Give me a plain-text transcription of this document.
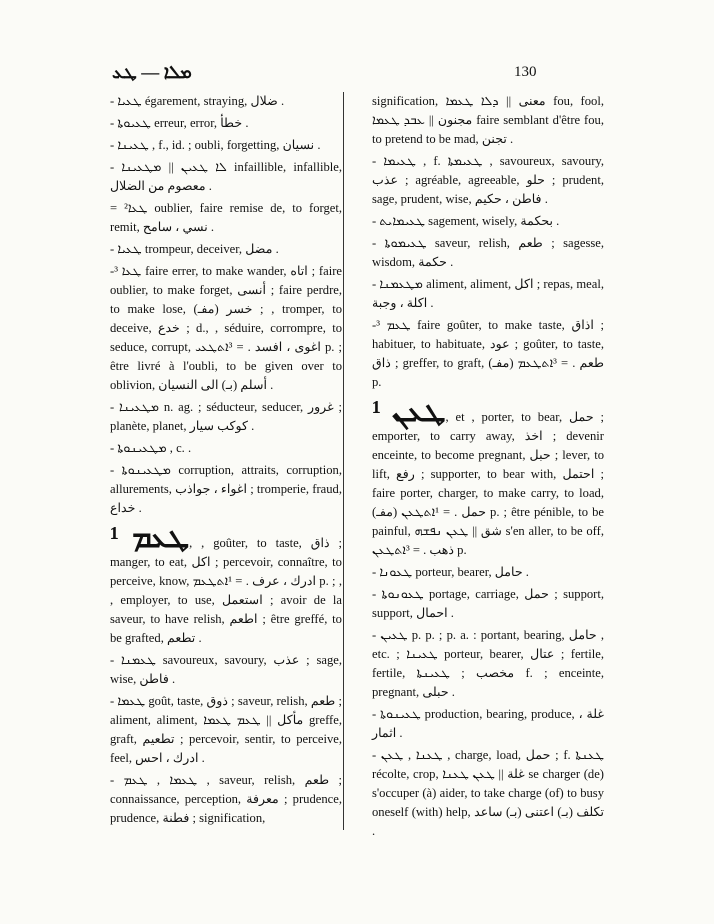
ܡܠܐ — ܛܥ	130
- ܛܥܝܐ‍ égarement, straying, ضلال .
- ܛܥܝܘܬܐ erreur, error, خطأ .
- ܛܥܝܢܐ , f., id. ; oubli, forgetting, نسيان .
- ܠܐ ܛܥܝܢ || ܡܛܥܝܢܐ infaillible, infallible, معصوم من الضلال .
= ²ܛܥܐ oublier, faire remise de, to forget, remit, نسي ، سامح .
- ܛܥܝܐ trompeur, deceiver, مضل .
-³ ܛܥܐ faire errer, to make wander, اتاه ; faire oublier, to make forget, أنسى ; faire perdre, to make lose, (مفـ) خسر ; , tromper, to deceive, خدع ; d., , séduire, corrompre, to seduce, corrupt, اغوى ، افسد . = ³ܐܬܛܥܝ p. ; être livré à l'oubli, to be given over to oblivion, أسلم (بـ) الى النسيان .
- ܡܛܥܝܢܐ n. ag. ; séducteur, seducer, غرور ; planète, planet, كوكب سيار .
- ܡܛܥܝܢܘܬܐ , c. .
- ܡܛܥܝܢܘܬܐ corruption, attraits, corruption, allurements, اغواء ، جواذب ; tromperie, fraud, خداع .
¹ ܛܥܡ, , goûter, to taste, ذاق ; manger, to eat, اكل ; percevoir, connaître, to perceive, know, ادرك ، عرف . = ¹ܐܬܛܥܡ p. ; , , employer, to use, استعمل ; avoir de la saveur, to have relish, اطعم ; être greffé, to be grafted, تطعم .
- ܛܥܡܢܐ savoureux, savoury, عذب ; sage, wise, فاطن .
- ܛܥܡܐ goût, taste, ذوق ; saveur, relish, طعم ; aliment, aliment, مأكل || ܛܥܡ ܛܥܡܐ greffe, graft, تطعيم ; percevoir, sentir, to perceive, feel, ادرك ، احس .
- ܛܥܡܐ , ܛܥܡ , saveur, relish, طعم ; connaissance, perception, معرفة ; prudence, prudence, فطنة ; signification,
signification, معنى || ܕܠܐ ܛܥܡܐ fou, fool, مجنون || ܥܒܕ ܛܥܡܐ faire semblant d'être fou, to pretend to be mad, تجنن .
- ܛܥܝܡܐ , f. ܛܥܝܡܬܐ , savoureux, savoury, عذب ; agréable, agreeable, حلو ; prudent, sage, prudent, wise, فاطن ، حكيم .
- ܛܥܝܡܐܝܬ sagement, wisely, بحكمة .
- ܛܥܝܡܘܬܐ saveur, relish, طعم ; sagesse, wisdom, حكمة .
- ܡܛܥܡܢܐ aliment, aliment, اكل ; repas, meal, اكلة ، وجبة .
-³ ܛܥܡ faire goûter, to make taste, اذاق ; habituer, to habituate, عود ; goûter, to taste, ذاق ; greffer, to graft, (مفـ) طعم . = ³ܐܬܛܥܡ p.
¹ ܛܥܢ, et , porter, to bear, حمل ; emporter, to carry away, اخذ ; devenir enceinte, to become pregnant, حبل ; lever, to lift, رفع ; supporter, to bear with, احتمل ; faire porter, charger, to make carry, to load, (مفـ) حمل . = ¹ܐܬܛܥܢ p. ; être pénible, to be painful, شق || ܛܥܢ ܢܦܫܗ s'en aller, to be off, ذهب . = ³ܐܬܛܥܢ p.
- ܛܥܘܢܐ porteur, bearer, حامل .
- ܛܥܘܢܘܬܐ portage, carriage, حمل ; support, support, احمال .
- ܛܥܝܢ p. p. ; p. a. : portant, bearing, حامل , etc. ; ܛܥܝܢܐ porteur, bearer, عتال ; fertile, fertile, مخصب ; ܛܥܝܢܬܐ f. ; enceinte, pregnant, حبلى .
- ܛܥܝܢܘܬܐ production, bearing, produce, غلة ، اثمار .
- ܛܥܢܐ , ܛܥܢ , charge, load, حمل ; f. ܛܥܢܬܐ récolte, crop, غلة || ܛܥܢ ܛܥܢܐ se charger (de) s'occuper (à) aider, to take charge (of) to busy oneself (with) help, تكلف (بـ) اعتنى (بـ) ساعد .
